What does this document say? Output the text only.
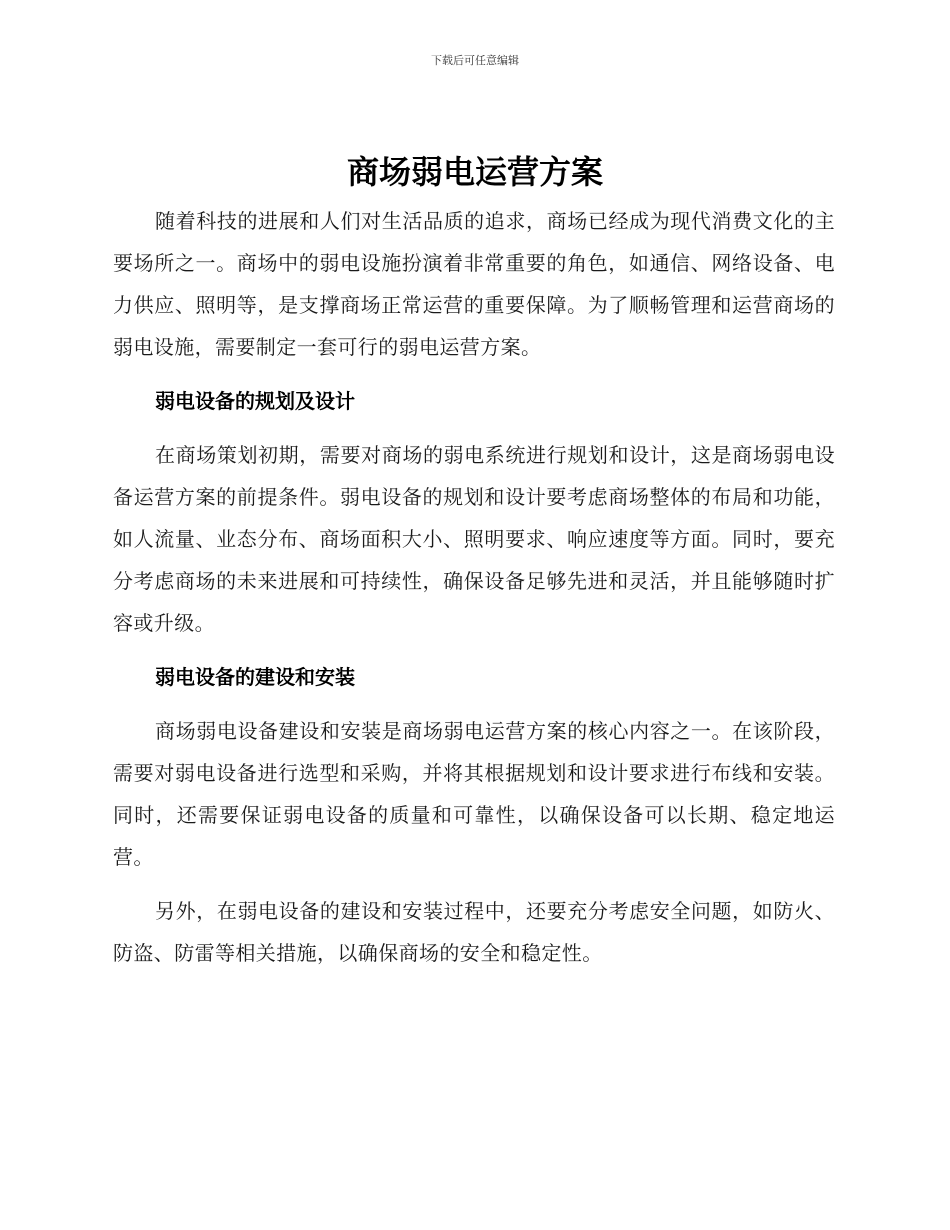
下载后可任意编辑
商场弱电运营方案

随着科技的进展和人们对生活品质的追求，商场已经成为现代消费文化的主要场所之一。商场中的弱电设施扮演着非常重要的角色，如通信、网络设备、电力供应、照明等，是支撑商场正常运营的重要保障。为了顺畅管理和运营商场的弱电设施，需要制定一套可行的弱电运营方案。

弱电设备的规划及设计

在商场策划初期，需要对商场的弱电系统进行规划和设计，这是商场弱电设备运营方案的前提条件。弱电设备的规划和设计要考虑商场整体的布局和功能，如人流量、业态分布、商场面积大小、照明要求、响应速度等方面。同时，要充分考虑商场的未来进展和可持续性，确保设备足够先进和灵活，并且能够随时扩容或升级。

弱电设备的建设和安装

商场弱电设备建设和安装是商场弱电运营方案的核心内容之一。在该阶段，需要对弱电设备进行选型和采购，并将其根据规划和设计要求进行布线和安装。同时，还需要保证弱电设备的质量和可靠性，以确保设备可以长期、稳定地运营。

另外，在弱电设备的建设和安装过程中，还要充分考虑安全问题，如防火、防盗、防雷等相关措施，以确保商场的安全和稳定性。
